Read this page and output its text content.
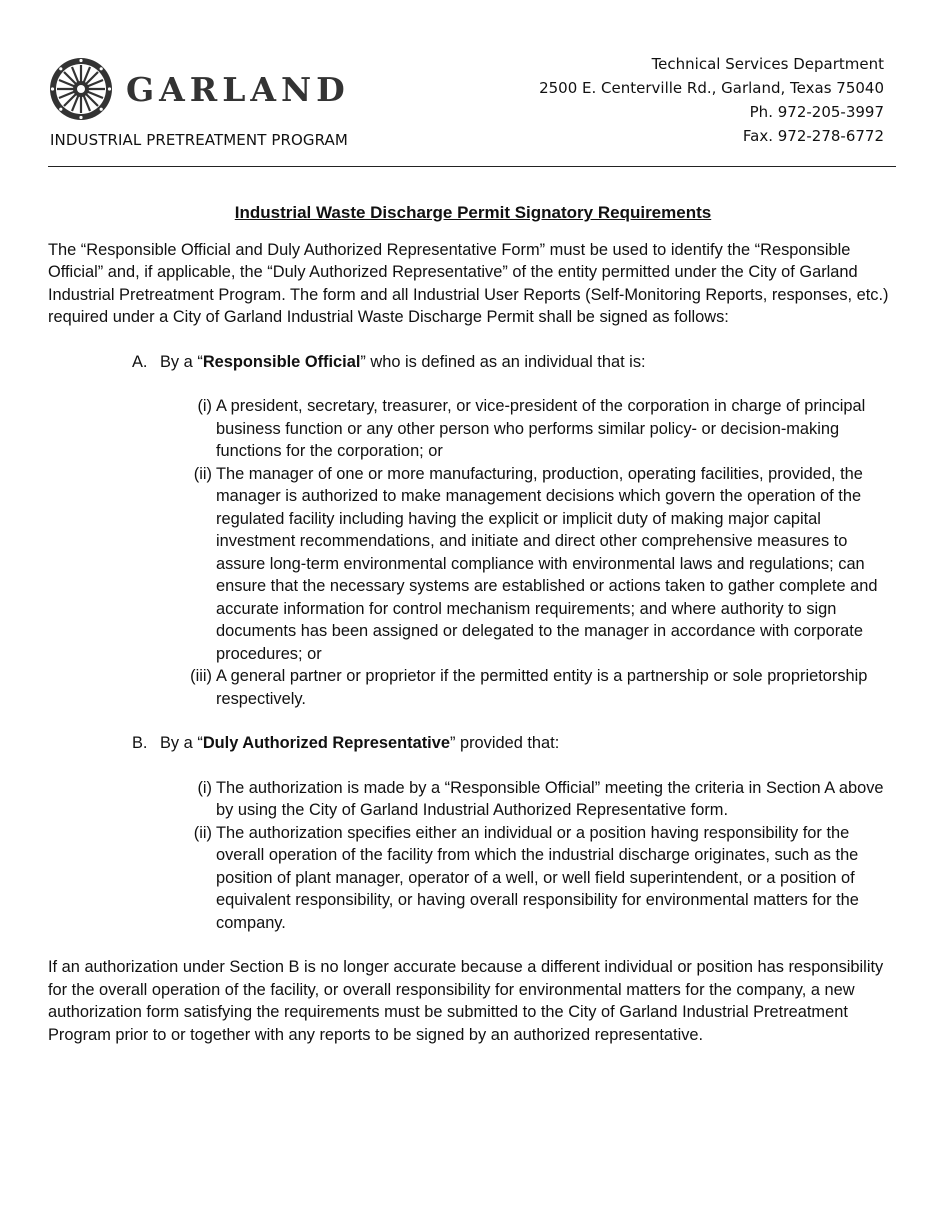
GARLAND
INDUSTRIAL PRETREATMENT PROGRAM
Technical Services Department
2500 E. Centerville Rd., Garland, Texas 75040
Ph. 972-205-3997
Fax. 972-278-6772

Industrial Waste Discharge Permit Signatory Requirements

The “Responsible Official and Duly Authorized Representative Form” must be used to identify the “Responsible Official” and, if applicable, the “Duly Authorized Representative” of the entity permitted under the City of Garland Industrial Pretreatment Program. The form and all Industrial User Reports (Self-Monitoring Reports, responses, etc.) required under a City of Garland Industrial Waste Discharge Permit shall be signed as follows:

A. By a “Responsible Official” who is defined as an individual that is:
(i) A president, secretary, treasurer, or vice-president of the corporation in charge of principal business function or any other person who performs similar policy- or decision-making functions for the corporation; or
(ii) The manager of one or more manufacturing, production, operating facilities, provided, the manager is authorized to make management decisions which govern the operation of the regulated facility including having the explicit or implicit duty of making major capital investment recommendations, and initiate and direct other comprehensive measures to assure long-term environmental compliance with environmental laws and regulations; can ensure that the necessary systems are established or actions taken to gather complete and accurate information for control mechanism requirements; and where authority to sign documents has been assigned or delegated to the manager in accordance with corporate procedures; or
(iii) A general partner or proprietor if the permitted entity is a partnership or sole proprietorship respectively.
B. By a “Duly Authorized Representative” provided that:
(i) The authorization is made by a “Responsible Official” meeting the criteria in Section A above by using the City of Garland Industrial Authorized Representative form.
(ii) The authorization specifies either an individual or a position having responsibility for the overall operation of the facility from which the industrial discharge originates, such as the position of plant manager, operator of a well, or well field superintendent, or a position of equivalent responsibility, or having overall responsibility for environmental matters for the company.

If an authorization under Section B is no longer accurate because a different individual or position has responsibility for the overall operation of the facility, or overall responsibility for environmental matters for the company, a new authorization form satisfying the requirements must be submitted to the City of Garland Industrial Pretreatment Program prior to or together with any reports to be signed by an authorized representative.
